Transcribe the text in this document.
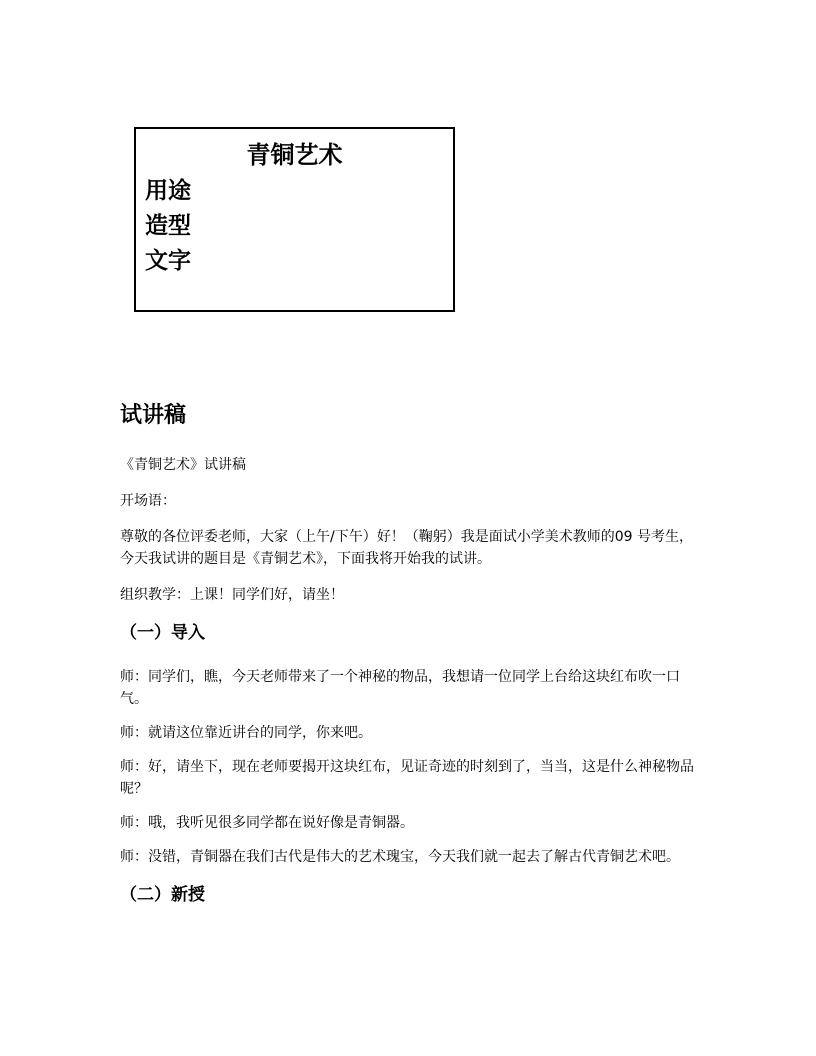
青铜艺术
用途
造型
文字
试讲稿

《青铜艺术》试讲稿

开场语：

尊敬的各位评委老师，大家（上午/下午）好！（鞠躬）我是面试小学美术教师的09 号考生，今天我试讲的题目是《青铜艺术》，下面我将开始我的试讲。

组织教学：上课！同学们好，请坐！

（一）导入

师：同学们，瞧，今天老师带来了一个神秘的物品，我想请一位同学上台给这块红布吹一口气。

师：就请这位靠近讲台的同学，你来吧。

师：好，请坐下，现在老师要揭开这块红布，见证奇迹的时刻到了，当当，这是什么神秘物品呢？

师：哦，我听见很多同学都在说好像是青铜器。

师：没错，青铜器在我们古代是伟大的艺术瑰宝，今天我们就一起去了解古代青铜艺术吧。

（二）新授
